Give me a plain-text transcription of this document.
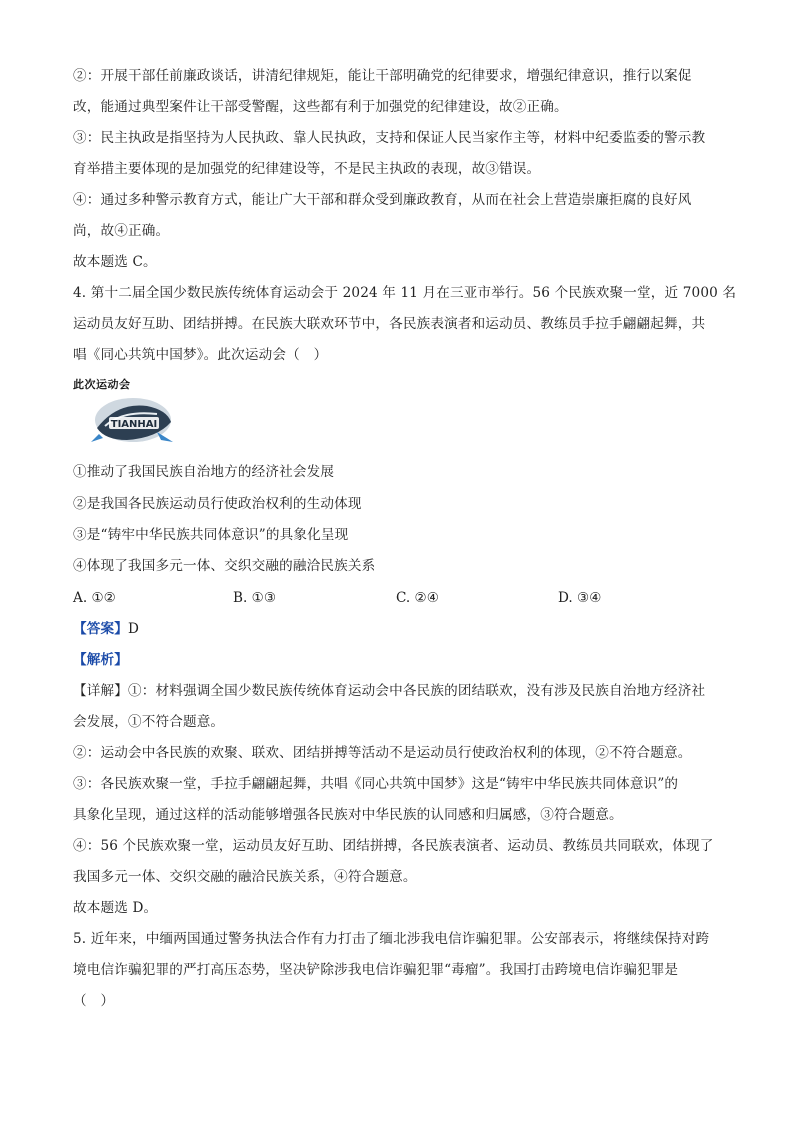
②：开展干部任前廉政谈话，讲清纪律规矩，能让干部明确党的纪律要求，增强纪律意识，推行以案促
改，能通过典型案件让干部受警醒，这些都有利于加强党的纪律建设，故②正确。
③：民主执政是指坚持为人民执政、靠人民执政，支持和保证人民当家作主等，材料中纪委监委的警示教
育举措主要体现的是加强党的纪律建设等，不是民主执政的表现，故③错误。
④：通过多种警示教育方式，能让广大干部和群众受到廉政教育，从而在社会上营造崇廉拒腐的良好风
尚，故④正确。
故本题选 C。
4. 第十二届全国少数民族传统体育运动会于 2024 年 11 月在三亚市举行。56 个民族欢聚一堂，近 7000 名
运动员友好互助、团结拼搏。在民族大联欢环节中，各民族表演者和运动员、教练员手拉手翩翩起舞，共
唱《同心共筑中国梦》。此次运动会（　）
此次运动会
TIANHAI
①推动了我国民族自治地方的经济社会发展
②是我国各民族运动员行使政治权利的生动体现
③是“铸牢中华民族共同体意识”的具象化呈现
④体现了我国多元一体、交织交融的融洽民族关系
A. ①②	B. ①③	C. ②④	D. ③④
【答案】D
【解析】
【详解】①：材料强调全国少数民族传统体育运动会中各民族的团结联欢，没有涉及民族自治地方经济社
会发展，①不符合题意。
②：运动会中各民族的欢聚、联欢、团结拼搏等活动不是运动员行使政治权利的体现，②不符合题意。
③：各民族欢聚一堂，手拉手翩翩起舞，共唱《同心共筑中国梦》这是“铸牢中华民族共同体意识”的
具象化呈现，通过这样的活动能够增强各民族对中华民族的认同感和归属感，③符合题意。
④：56 个民族欢聚一堂，运动员友好互助、团结拼搏，各民族表演者、运动员、教练员共同联欢，体现了
我国多元一体、交织交融的融洽民族关系，④符合题意。
故本题选 D。
5. 近年来，中缅两国通过警务执法合作有力打击了缅北涉我电信诈骗犯罪。公安部表示，将继续保持对跨
境电信诈骗犯罪的严打高压态势，坚决铲除涉我电信诈骗犯罪“毒瘤”。我国打击跨境电信诈骗犯罪是
（　）
